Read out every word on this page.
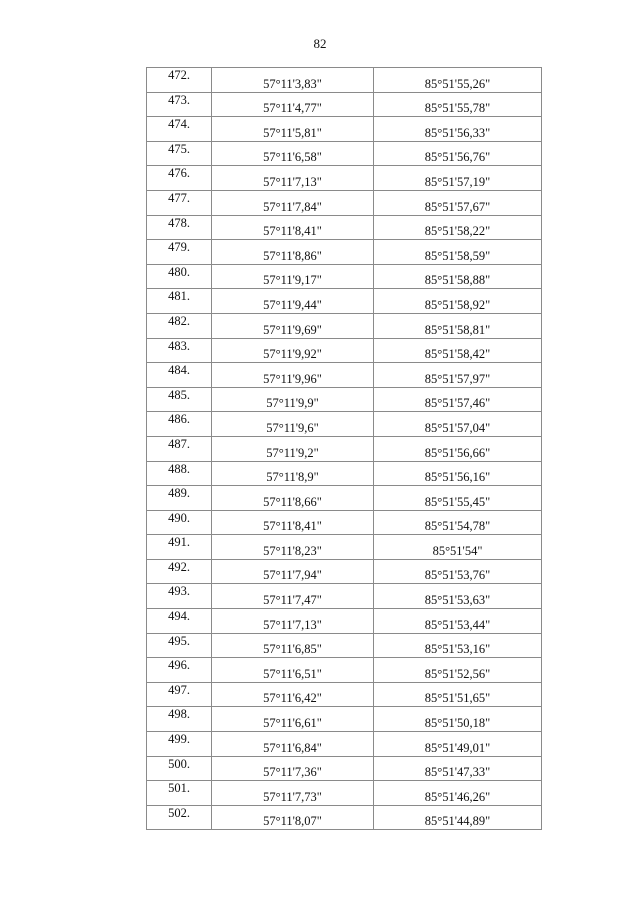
82
472.	57°11'3,83"	85°51'55,26"
473.	57°11'4,77"	85°51'55,78"
474.	57°11'5,81"	85°51'56,33"
475.	57°11'6,58"	85°51'56,76"
476.	57°11'7,13"	85°51'57,19"
477.	57°11'7,84"	85°51'57,67"
478.	57°11'8,41"	85°51'58,22"
479.	57°11'8,86"	85°51'58,59"
480.	57°11'9,17"	85°51'58,88"
481.	57°11'9,44"	85°51'58,92"
482.	57°11'9,69"	85°51'58,81"
483.	57°11'9,92"	85°51'58,42"
484.	57°11'9,96"	85°51'57,97"
485.	57°11'9,9"	85°51'57,46"
486.	57°11'9,6"	85°51'57,04"
487.	57°11'9,2"	85°51'56,66"
488.	57°11'8,9"	85°51'56,16"
489.	57°11'8,66"	85°51'55,45"
490.	57°11'8,41"	85°51'54,78"
491.	57°11'8,23"	85°51'54"
492.	57°11'7,94"	85°51'53,76"
493.	57°11'7,47"	85°51'53,63"
494.	57°11'7,13"	85°51'53,44"
495.	57°11'6,85"	85°51'53,16"
496.	57°11'6,51"	85°51'52,56"
497.	57°11'6,42"	85°51'51,65"
498.	57°11'6,61"	85°51'50,18"
499.	57°11'6,84"	85°51'49,01"
500.	57°11'7,36"	85°51'47,33"
501.	57°11'7,73"	85°51'46,26"
502.	57°11'8,07"	85°51'44,89"
